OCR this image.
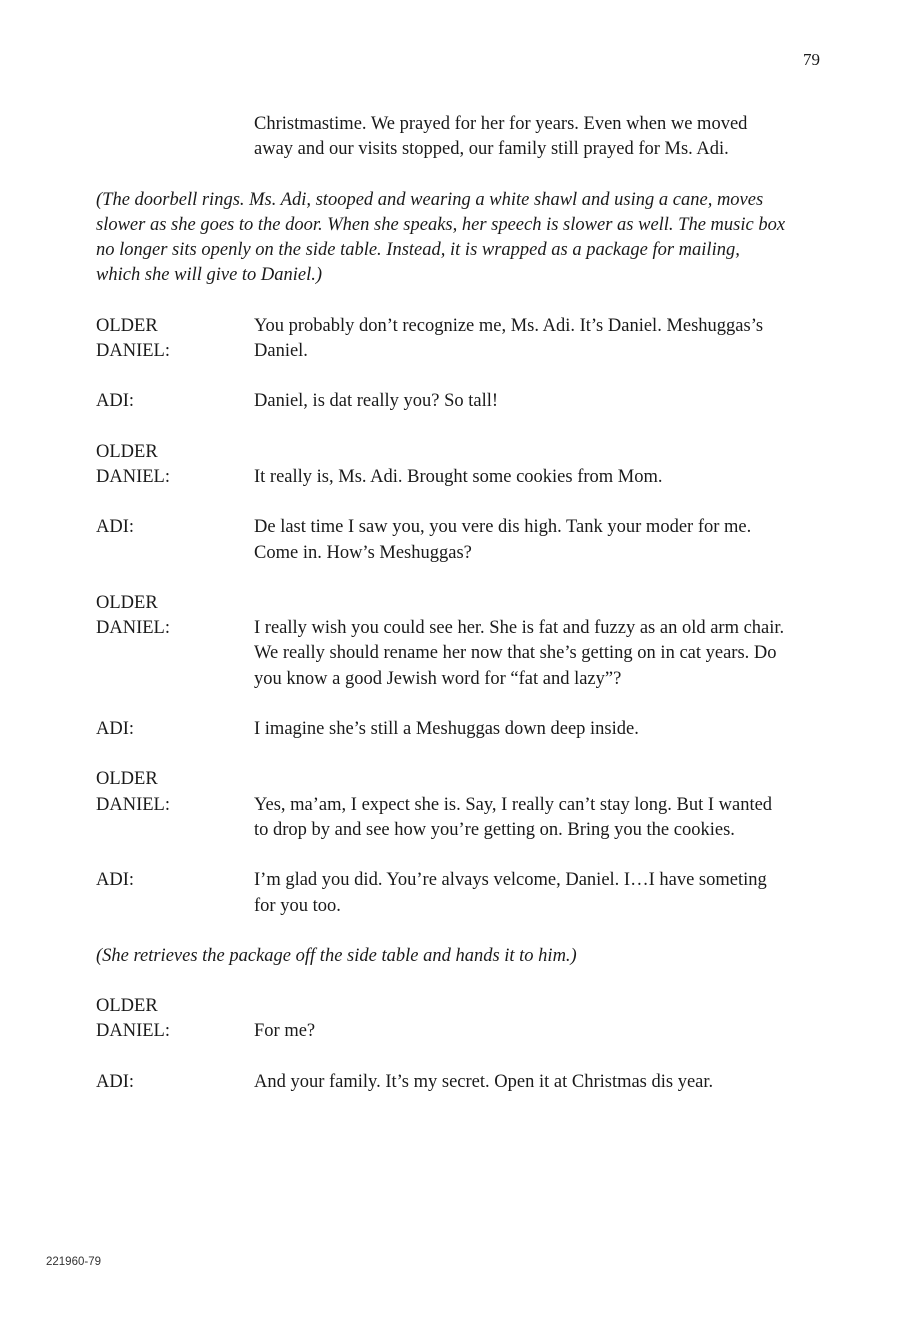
79

Christmastime. We prayed for her for years. Even when we moved away and our visits stopped, our family still prayed for Ms. Adi.

(The doorbell rings. Ms. Adi, stooped and wearing a white shawl and using a cane, moves slower as she goes to the door. When she speaks, her speech is slower as well. The music box no longer sits openly on the side table. Instead, it is wrapped as a package for mailing, which she will give to Daniel.)

OLDER
DANIEL:
You probably don’t recognize me, Ms. Adi. It’s Daniel. Meshuggas’s Daniel.
ADI:	Daniel, is dat really you? So tall!
OLDER
DANIEL:	It really is, Ms. Adi. Brought some cookies from Mom.
ADI:	De last time I saw you, you vere dis high. Tank your moder for me. Come in. How’s Meshuggas?
OLDER
DANIEL:	I really wish you could see her. She is fat and fuzzy as an old arm chair. We really should rename her now that she’s getting on in cat years. Do you know a good Jewish word for “fat and lazy”?
ADI:	I imagine she’s still a Meshuggas down deep inside.
OLDER
DANIEL:	Yes, ma’am, I expect she is. Say, I really can’t stay long. But I wanted to drop by and see how you’re getting on. Bring you the cookies.
ADI:	I’m glad you did. You’re alvays velcome, Daniel. I…I have someting for you too.

(She retrieves the package off the side table and hands it to him.)

OLDER
DANIEL:	For me?
ADI:	And your family. It’s my secret. Open it at Christmas dis year.
221960-79
